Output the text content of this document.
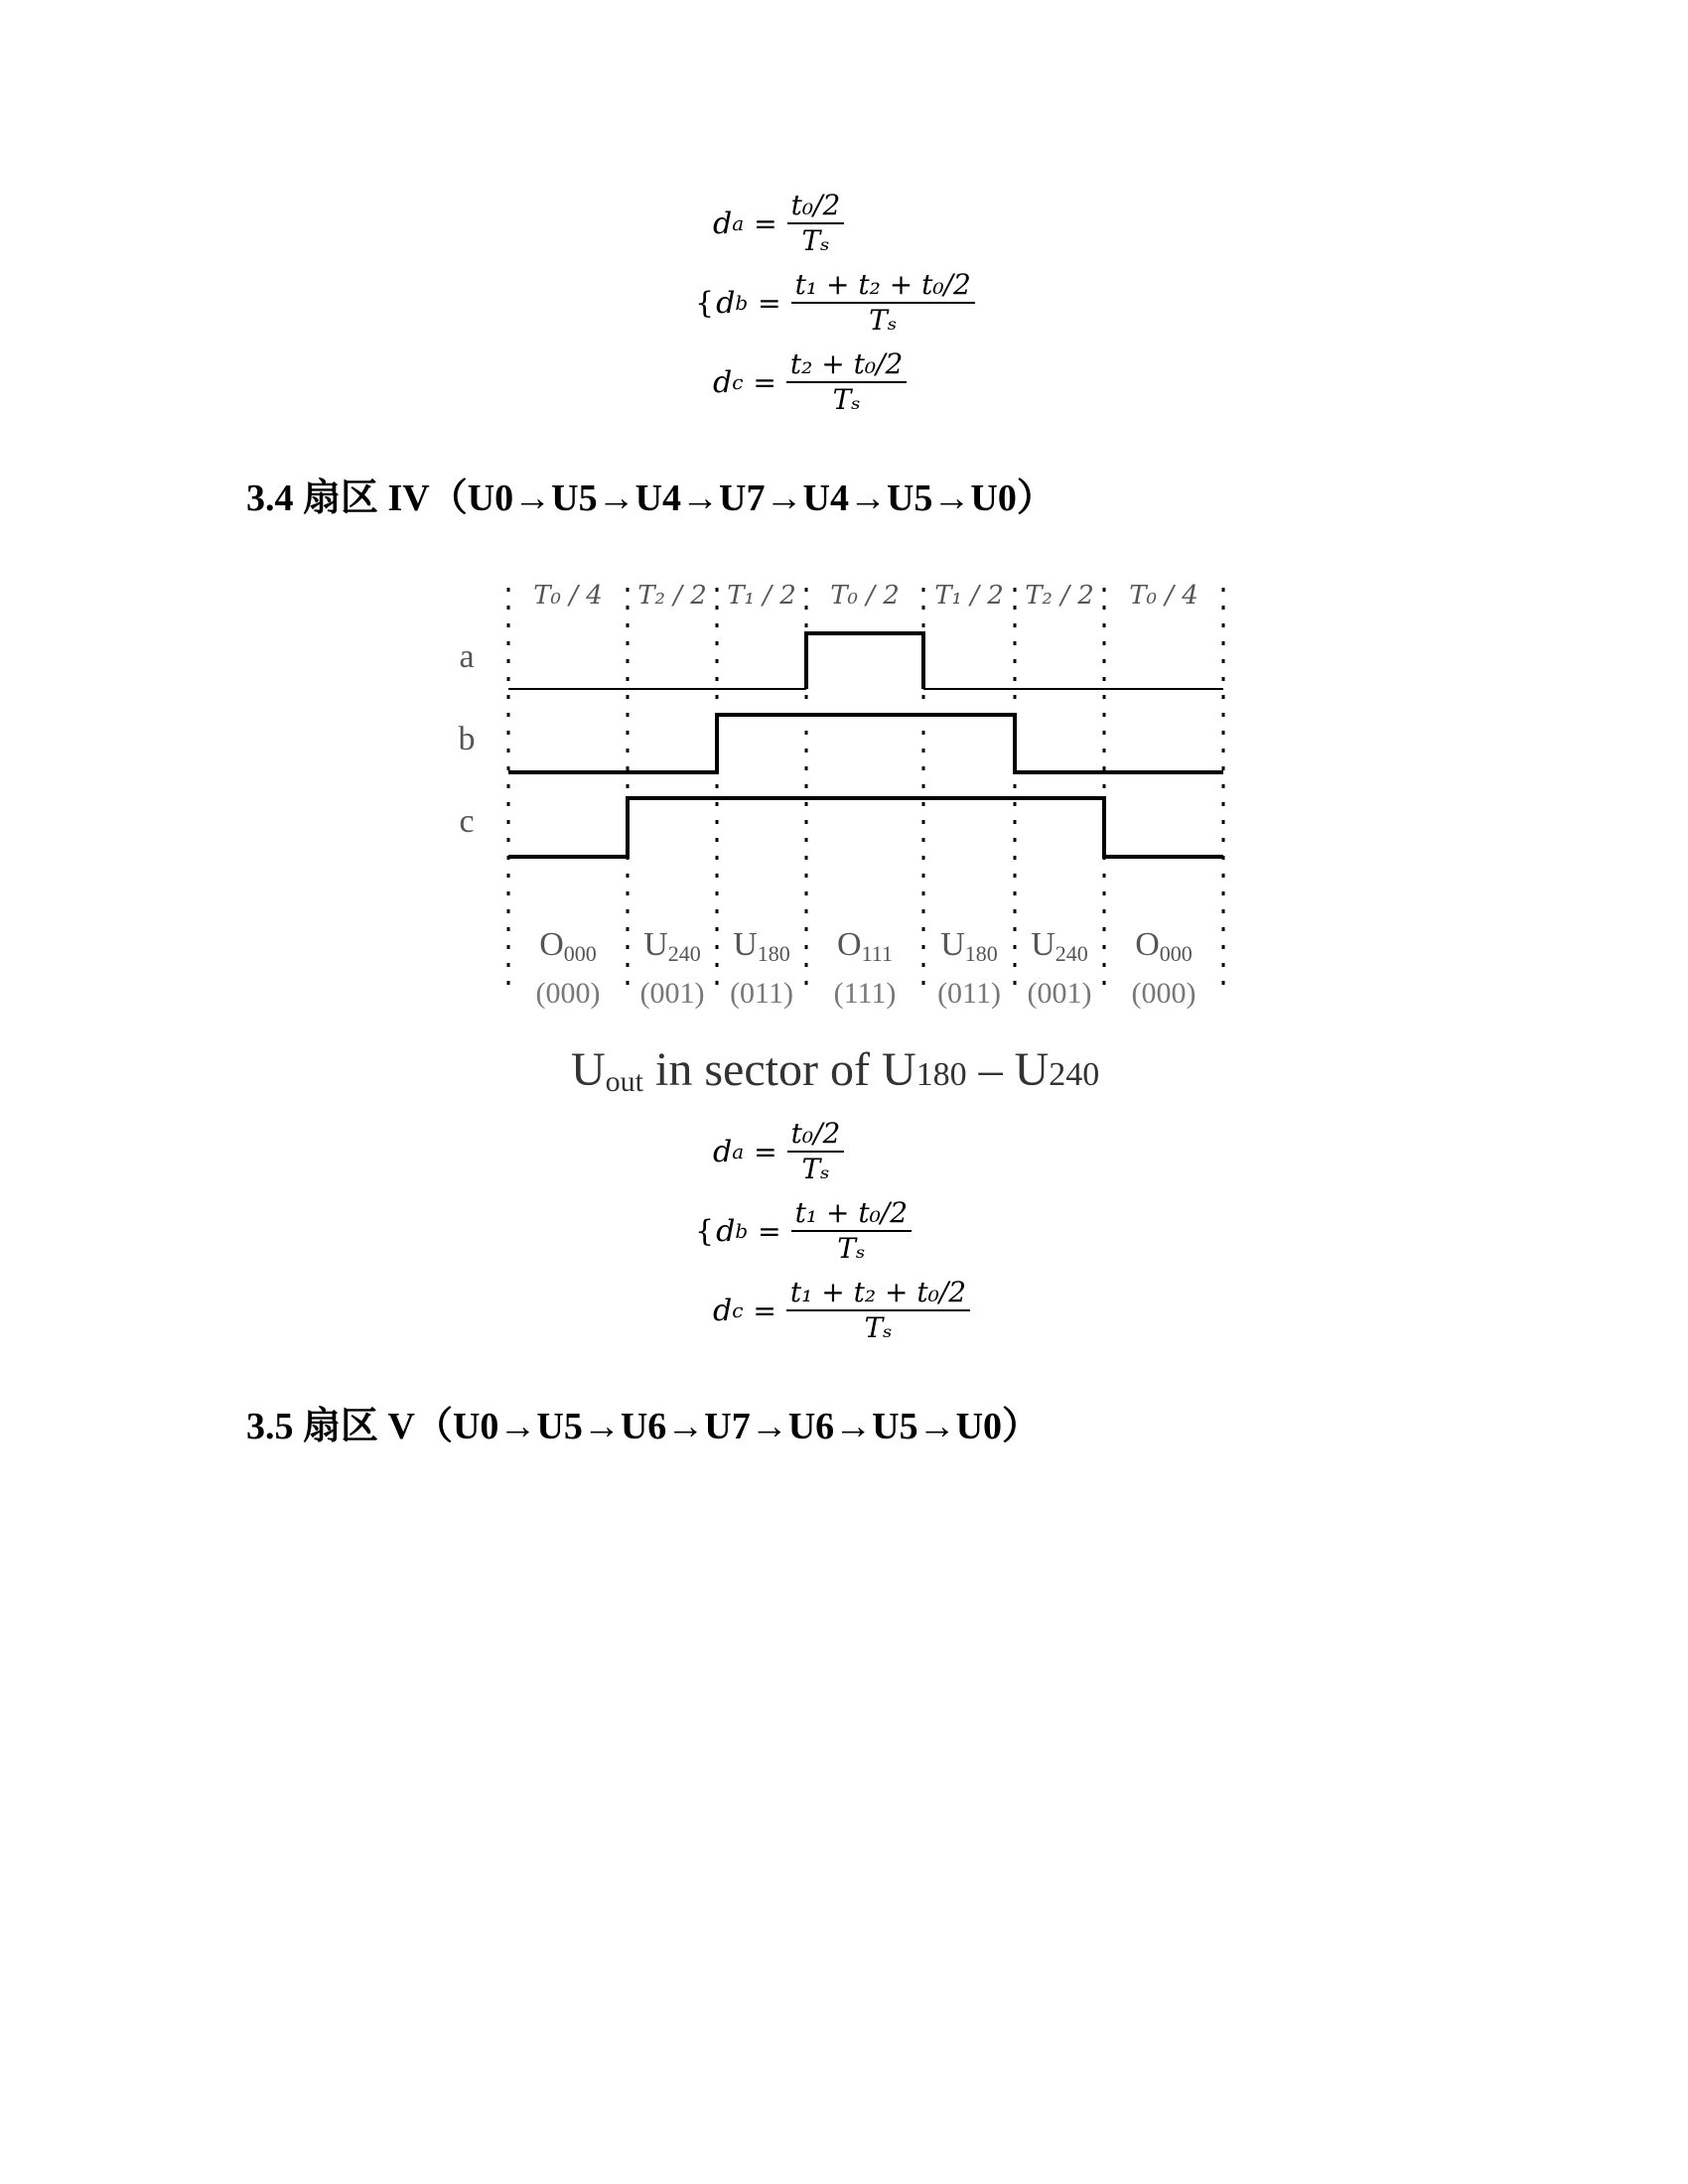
d $a = \frac{\text{t₀/2}}{\text{Tₛ}}$
{ d $b = \frac{\text{t₁ + t₂ + t₀/2}}{\text{Tₛ}}$
d $c = \frac{\text{t₂ + t₀/2}}{\text{Tₛ}}$
3.4 扇区 IV（U0→U5→U4→U7→U4→U5→U0）
T₀ / 4 T₂ / 2 T₁ / 2 T₀ / 2 T₁ / 2 T₂ / 2 T₀ / 4
a
b
c
O000 U240 U180 O111 U180 U240 O000
(000) (001) (011) (111) (011) (001) (000)
$U_{out}$ in sector of U180 – U240
d $a = \frac{\text{t₀/2}}{\text{Tₛ}}$
{ d $b = \frac{\text{t₁ + t₀/2}}{\text{Tₛ}}$
d $c = \frac{\text{t₁ + t₂ + t₀/2}}{\text{Tₛ}}$
3.5 扇区 V（U0→U5→U6→U7→U6→U5→U0）
